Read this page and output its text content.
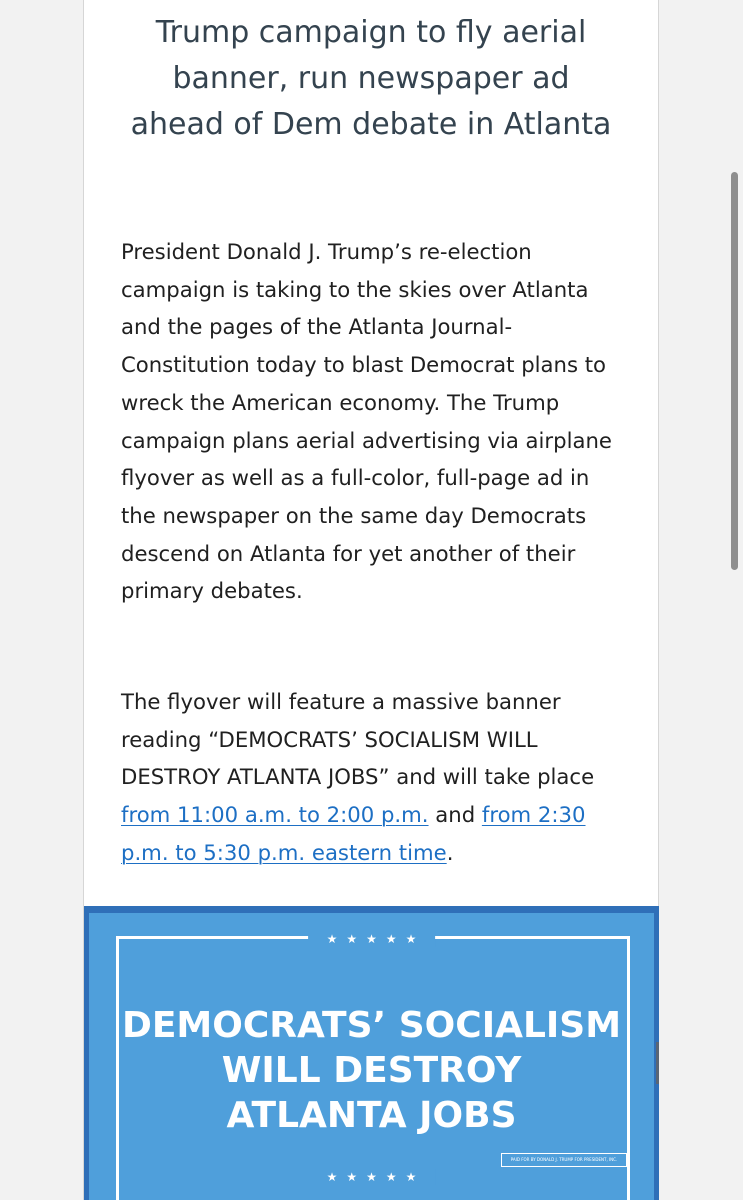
Trump campaign to fly aerial banner, run newspaper ad ahead of Dem debate in Atlanta

President Donald J. Trump’s re-election campaign is taking to the skies over Atlanta and the pages of the Atlanta Journal-Constitution today to blast Democrat plans to wreck the American economy. The Trump campaign plans aerial advertising via airplane flyover as well as a full-color, full-page ad in the newspaper on the same day Democrats descend on Atlanta for yet another of their primary debates.

The flyover will feature a massive banner reading “DEMOCRATS’ SOCIALISM WILL DESTROY ATLANTA JOBS” and will take place from 11:00 a.m. to 2:00 p.m. and from 2:30 p.m. to 5:30 p.m. eastern time.

★★★★★
DEMOCRATS’ SOCIALISM
WILL DESTROY
ATLANTA JOBS
PAID FOR BY DONALD J. TRUMP FOR PRESIDENT, INC.
★★★★★
